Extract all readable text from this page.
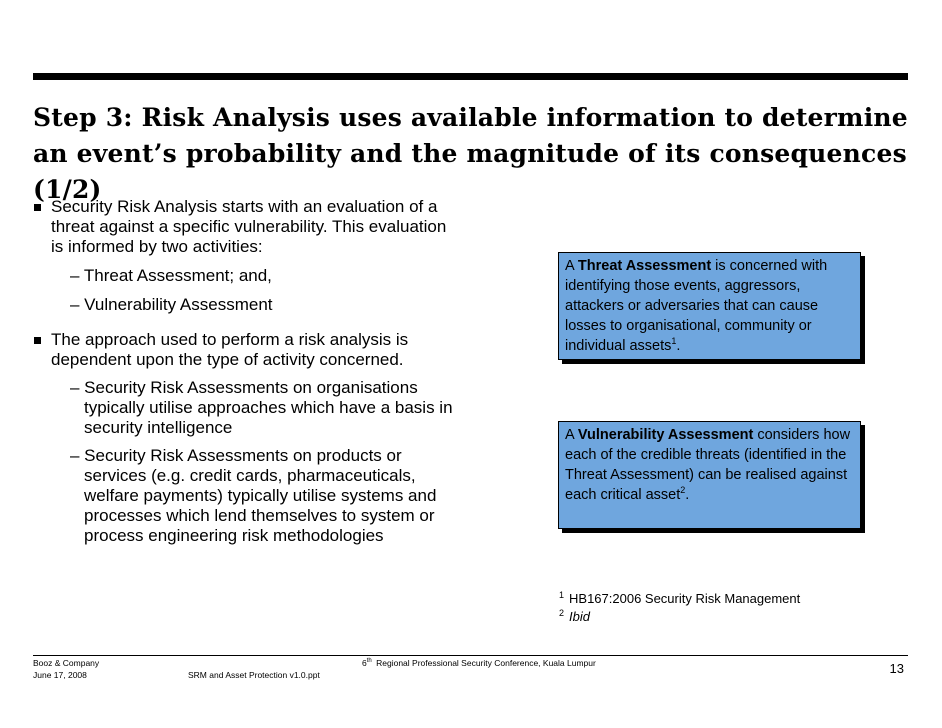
Step 3: Risk Analysis uses available information to determine an event’s probability and the magnitude of its consequences (1/2)
Security Risk Analysis starts with an evaluation of a threat against a specific vulnerability. This evaluation is informed by two activities:
– Threat Assessment; and,
– Vulnerability Assessment
The approach used to perform a risk analysis is dependent upon the type of activity concerned.
– Security Risk Assessments on organisations typically utilise approaches which have a basis in security intelligence
– Security Risk Assessments on products or services (e.g. credit cards, pharmaceuticals, welfare payments) typically utilise systems and processes which lend themselves to system or process engineering risk methodologies
A Threat Assessment is concerned with identifying those events, aggressors, attackers or adversaries that can cause losses to organisational, community or individual assets$^1$.
A Vulnerability Assessment considers how each of the credible threats (identified in the Threat Assessment) can be realised against each critical asset$^2$.
$^1$ HB167:2006 Security Risk Management
$^2$ Ibid
Booz & Company
June 17, 2008	SRM and Asset Protection v1.0.ppt
6th Regional Professional Security Conference, Kuala Lumpur	13
